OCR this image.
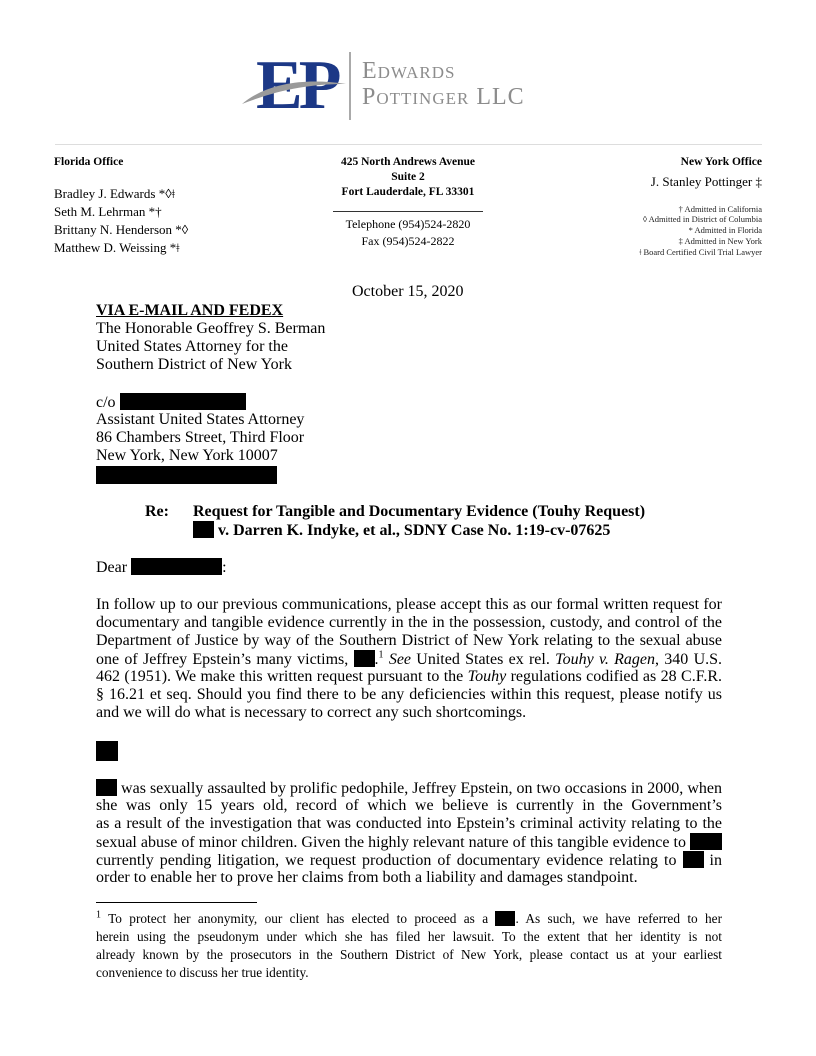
EP Edwards
Pottinger LLC
Florida Office
Bradley J. Edwards *◊ǂ
Seth M. Lehrman *†
Brittany N. Henderson *◊
Matthew D. Weissing *ǂ
425 North Andrews Avenue
Suite 2
Fort Lauderdale, FL 33301
Telephone (954)524-2820
Fax (954)524-2822
New York Office
J. Stanley Pottinger ‡
† Admitted in California
◊ Admitted in District of Columbia
* Admitted in Florida
‡ Admitted in New York
ǂ Board Certified Civil Trial Lawyer
October 15, 2020
VIA E-MAIL AND FEDEX
The Honorable Geoffrey S. Berman
United States Attorney for the
Southern District of New York
c/o
Assistant United States Attorney
86 Chambers Street, Third Floor
New York, New York 10007
Re: Request for Tangible and Documentary Evidence (Touhy Request)
v. Darren K. Indyke, et al., SDNY Case No. 1:19-cv-07625
Dear	:
In follow up to our previous communications, please accept this as our formal written request for
documentary and tangible evidence currently in the in the possession, custody, and control of the
Department of Justice by way of the Southern District of New York relating to the sexual abuse
one of Jeffrey Epstein’s many victims, .$^1$ See United States ex rel. Touhy v. Ragen, 340 U.S.
462 (1951). We make this written request pursuant to the Touhy regulations codified as 28 C.F.R.
§ 16.21 et seq. Should you find there to be any deficiencies within this request, please notify us
and we will do what is necessary to correct any such shortcomings.
was sexually assaulted by prolific pedophile, Jeffrey Epstein, on two occasions in 2000, when
she was only 15 years old, record of which we believe is currently in the Government’s
as a result of the investigation that was conducted into Epstein’s criminal activity relating to the
sexual abuse of minor children. Given the highly relevant nature of this tangible evidence to
currently pending litigation, we request production of documentary evidence relating to  in
order to enable her to prove her claims from both a liability and damages standpoint.
$^1$ To protect her anonymity, our client has elected to proceed as a . As such, we have referred to her
herein using the pseudonym under which she has filed her lawsuit. To the extent that her identity is not
already known by the prosecutors in the Southern District of New York, please contact us at your earliest
convenience to discuss her true identity.
